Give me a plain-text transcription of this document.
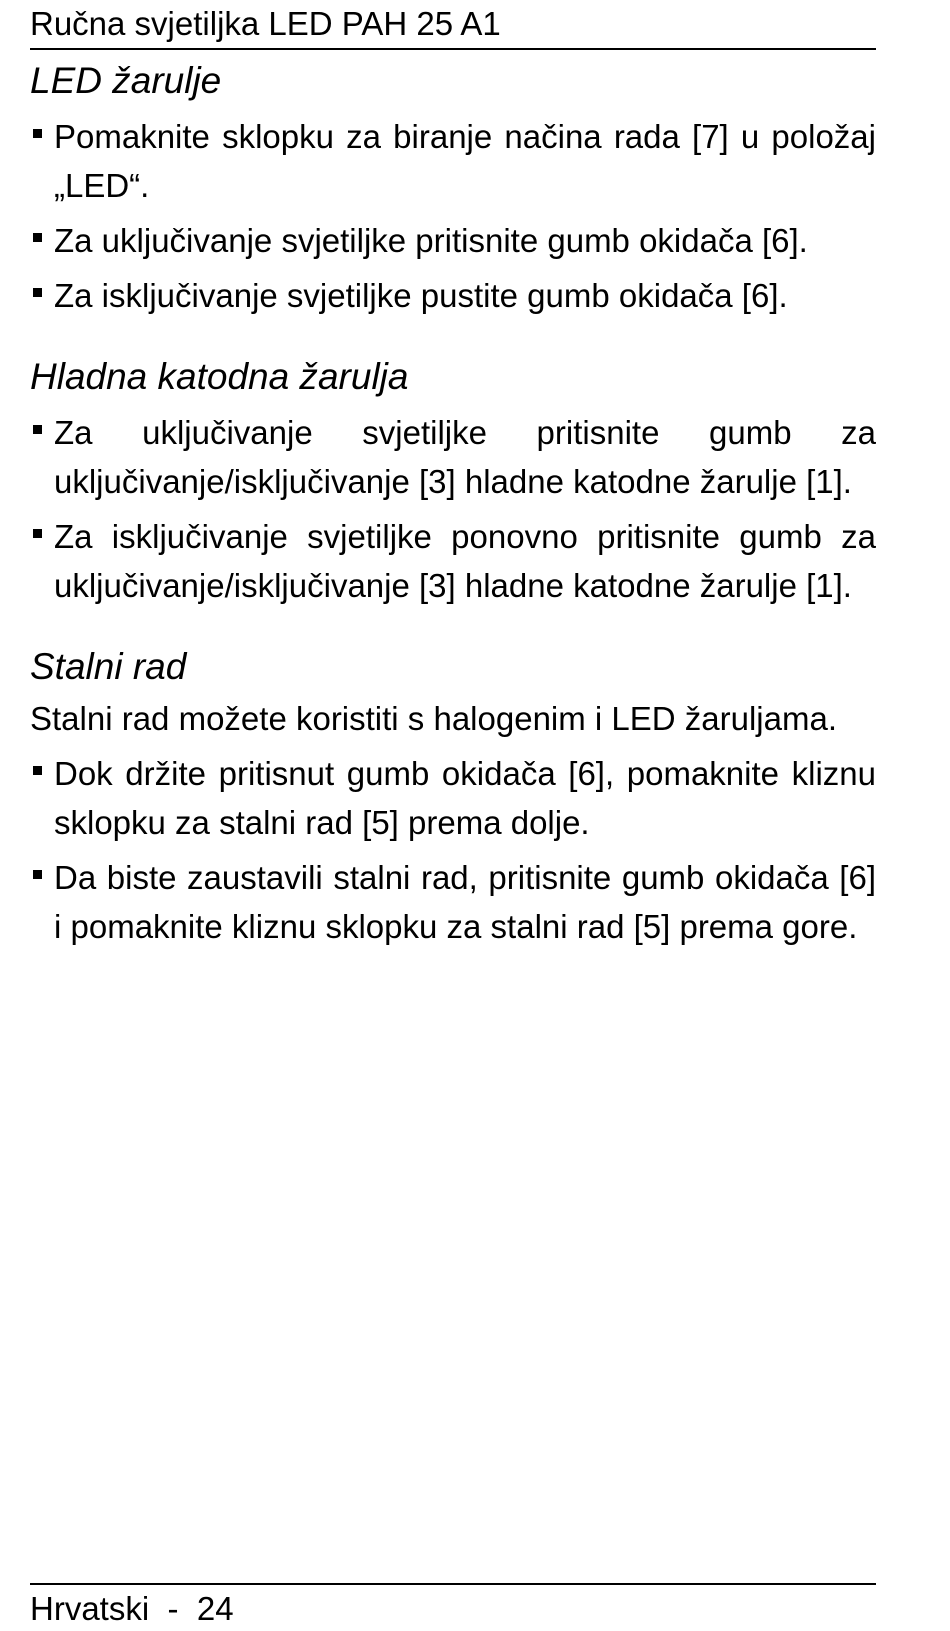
Ručna svjetiljka LED PAH 25 A1
LED žarulje
Pomaknite sklopku za biranje načina rada [7] u položaj „LED“.
Za uključivanje svjetiljke pritisnite gumb okidača [6].
Za isključivanje svjetiljke pustite gumb okidača [6].
Hladna katodna žarulja
Za uključivanje svjetiljke pritisnite gumb za uključivanje/isključivanje [3] hladne katodne žarulje [1].
Za isključivanje svjetiljke ponovno pritisnite gumb za uključivanje/isključivanje [3] hladne katodne žarulje [1].
Stalni rad

Stalni rad možete koristiti s halogenim i LED žaruljama.

Dok držite pritisnut gumb okidača [6], pomaknite kliznu sklopku za stalni rad [5] prema dolje.
Da biste zaustavili stalni rad, pritisnite gumb okidača [6] i pomaknite kliznu sklopku za stalni rad [5] prema gore.
Hrvatski  -  24
